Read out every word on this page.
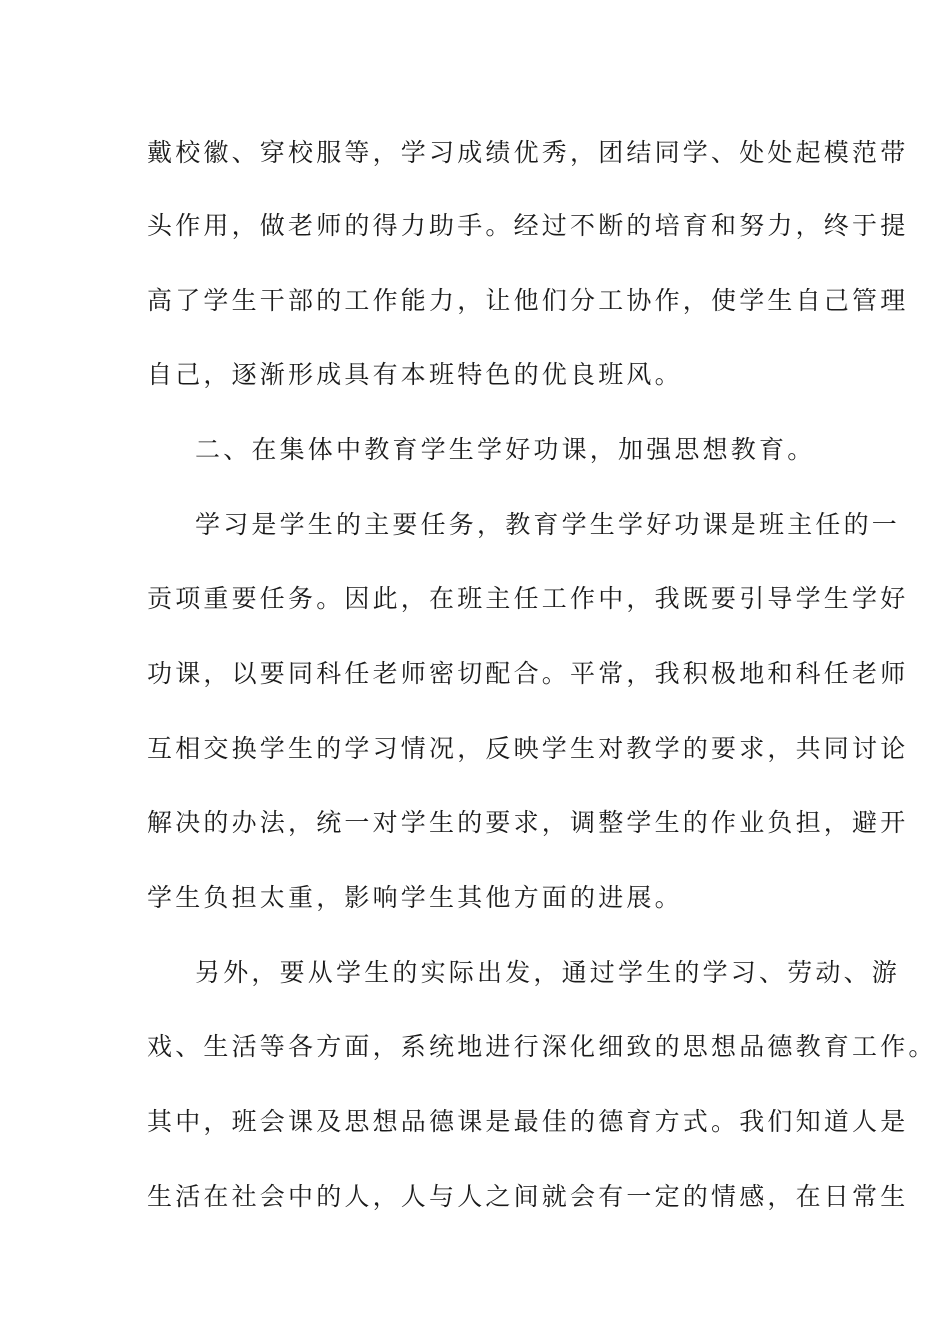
戴校徽、穿校服等，学习成绩优秀，团结同学、处处起模范带
头作用，做老师的得力助手。经过不断的培育和努力，终于提
高了学生干部的工作能力，让他们分工协作，使学生自己管理
自己，逐渐形成具有本班特色的优良班风。
二、在集体中教育学生学好功课，加强思想教育。
学习是学生的主要任务，教育学生学好功课是班主任的一
贡项重要任务。因此，在班主任工作中，我既要引导学生学好
功课，以要同科任老师密切配合。平常，我积极地和科任老师
互相交换学生的学习情况，反映学生对教学的要求，共同讨论
解决的办法，统一对学生的要求，调整学生的作业负担，避开
学生负担太重，影响学生其他方面的进展。
另外，要从学生的实际出发，通过学生的学习、劳动、游
戏、生活等各方面，系统地进行深化细致的思想品德教育工作。
其中，班会课及思想品德课是最佳的德育方式。我们知道人是
生活在社会中的人，人与人之间就会有一定的情感，在日常生
